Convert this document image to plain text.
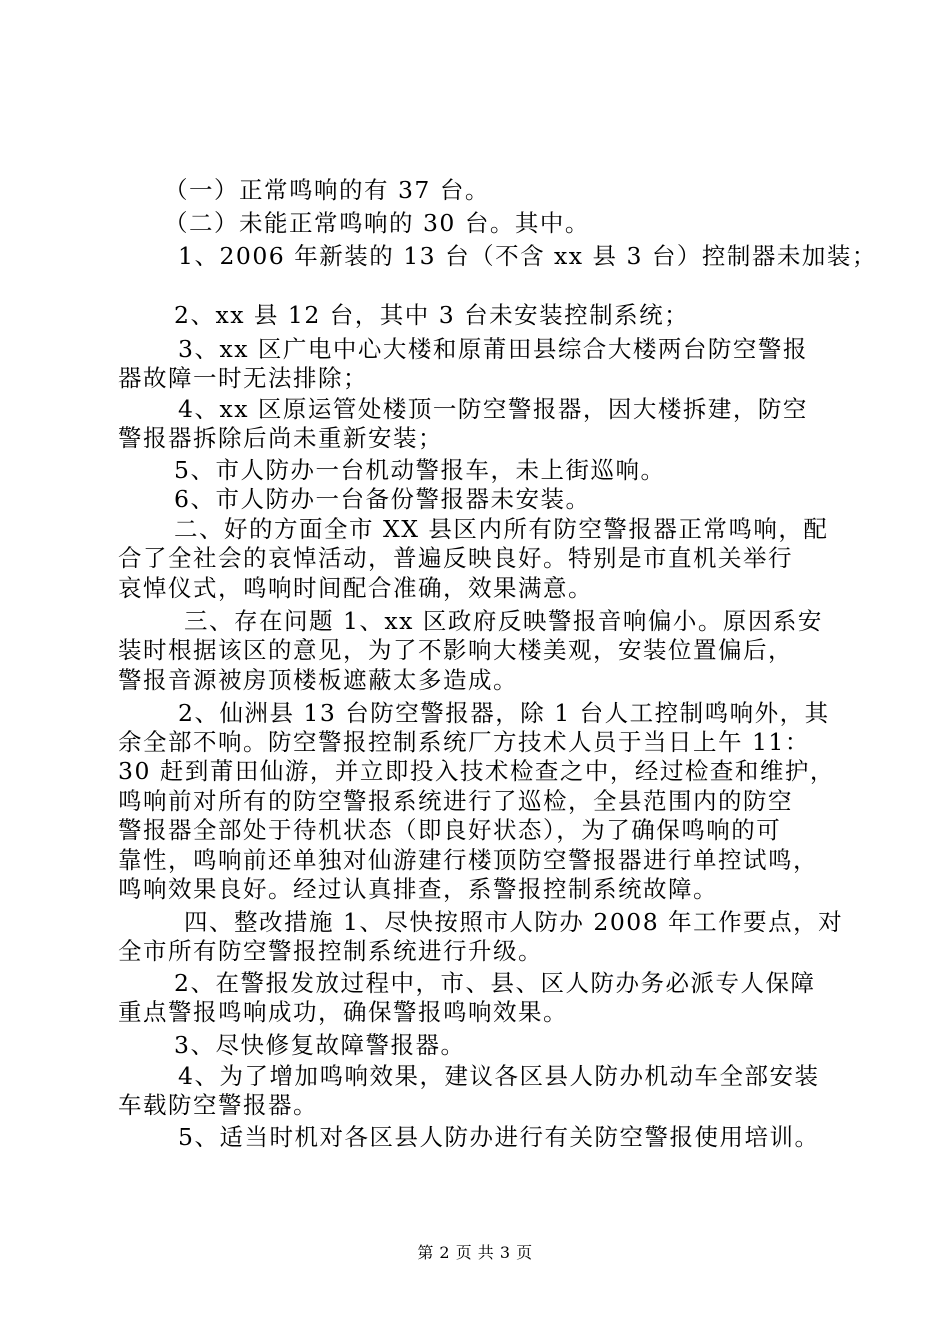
（一）正常鸣响的有 37 台。
（二）未能正常鸣响的 30 台。其中。
1、2006 年新装的 13 台（不含 xx 县 3 台）控制器未加装；
2、xx 县 12 台，其中 3 台未安装控制系统；
3、xx 区广电中心大楼和原莆田县综合大楼两台防空警报
器故障一时无法排除；
4、xx 区原运管处楼顶一防空警报器，因大楼拆建，防空
警报器拆除后尚未重新安装；
5、市人防办一台机动警报车，未上街巡响。
6、市人防办一台备份警报器未安装。
二、好的方面全市 XX 县区内所有防空警报器正常鸣响，配
合了全社会的哀悼活动，普遍反映良好。特别是市直机关举行
哀悼仪式，鸣响时间配合准确，效果满意。
三、存在问题 1、xx 区政府反映警报音响偏小。原因系安
装时根据该区的意见，为了不影响大楼美观，安装位置偏后，
警报音源被房顶楼板遮蔽太多造成。
2、仙洲县 13 台防空警报器，除 1 台人工控制鸣响外，其
余全部不响。防空警报控制系统厂方技术人员于当日上午 11：
30 赶到莆田仙游，并立即投入技术检查之中，经过检查和维护，
鸣响前对所有的防空警报系统进行了巡检，全县范围内的防空
警报器全部处于待机状态（即良好状态），为了确保鸣响的可
靠性，鸣响前还单独对仙游建行楼顶防空警报器进行单控试鸣，
鸣响效果良好。经过认真排查，系警报控制系统故障。
四、整改措施 1、尽快按照市人防办 2008 年工作要点，对
全市所有防空警报控制系统进行升级。
2、在警报发放过程中，市、县、区人防办务必派专人保障
重点警报鸣响成功，确保警报鸣响效果。
3、尽快修复故障警报器。
4、为了增加鸣响效果，建议各区县人防办机动车全部安装
车载防空警报器。
5、适当时机对各区县人防办进行有关防空警报使用培训。
第 2 页 共 3 页
